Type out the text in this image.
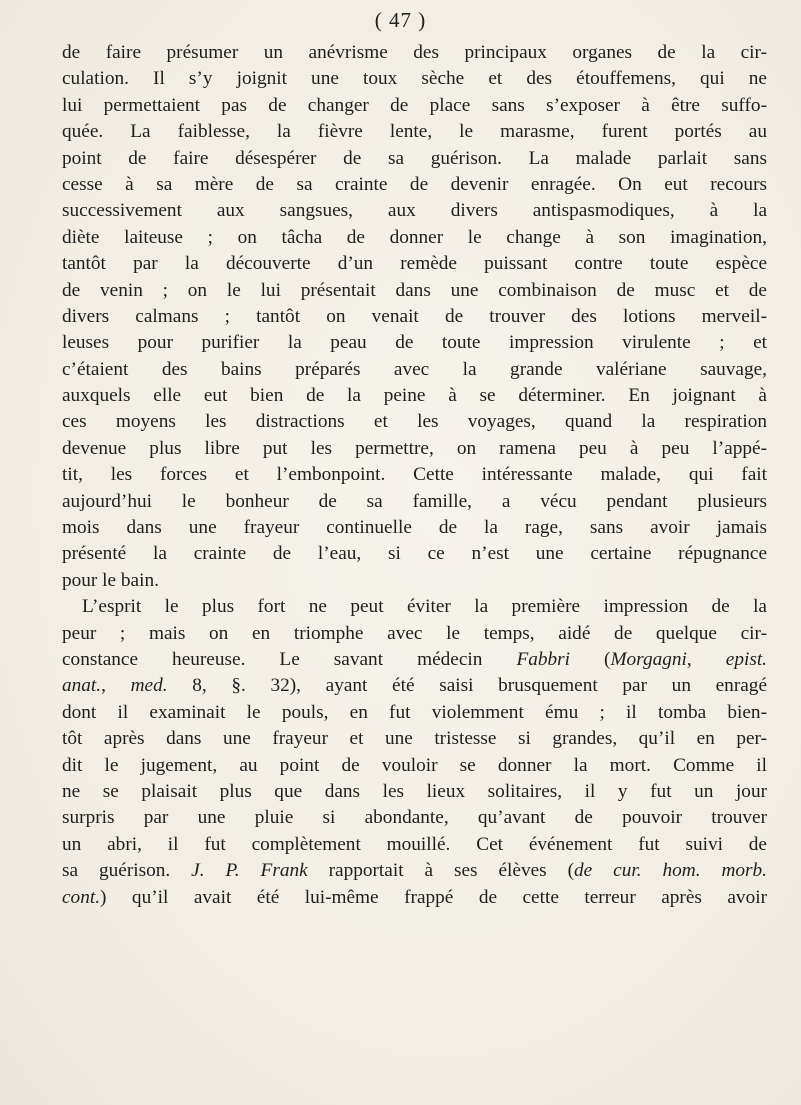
( 47 )
de faire présumer un anévrisme des principaux organes de la cir-
culation. Il s’y joignit une toux sèche et des étouffemens, qui ne
lui permettaient pas de changer de place sans s’exposer à être suffo-
quée. La faiblesse, la fièvre lente, le marasme, furent portés au
point de faire désespérer de sa guérison. La malade parlait sans
cesse à sa mère de sa crainte de devenir enragée. On eut recours
successivement aux sangsues, aux divers antispasmodiques, à la
diète laiteuse ; on tâcha de donner le change à son imagination,
tantôt par la découverte d’un remède puissant contre toute espèce
de venin ; on le lui présentait dans une combinaison de musc et de
divers calmans ; tantôt on venait de trouver des lotions merveil-
leuses pour purifier la peau de toute impression virulente ; et
c’étaient des bains préparés avec la grande valériane sauvage,
auxquels elle eut bien de la peine à se déterminer. En joignant à
ces moyens les distractions et les voyages, quand la respiration
devenue plus libre put les permettre, on ramena peu à peu l’appé-
tit, les forces et l’embonpoint. Cette intéressante malade, qui fait
aujourd’hui le bonheur de sa famille, a vécu pendant plusieurs
mois dans une frayeur continuelle de la rage, sans avoir jamais
présenté la crainte de l’eau, si ce n’est une certaine répugnance
pour le bain.
L’esprit le plus fort ne peut éviter la première impression de la
peur ; mais on en triomphe avec le temps, aidé de quelque cir-
constance heureuse. Le savant médecin Fabbri (Morgagni, epist.
anat., med. 8, §. 32), ayant été saisi brusquement par un enragé
dont il examinait le pouls, en fut violemment ému ; il tomba bien-
tôt après dans une frayeur et une tristesse si grandes, qu’il en per-
dit le jugement, au point de vouloir se donner la mort. Comme il
ne se plaisait plus que dans les lieux solitaires, il y fut un jour
surpris par une pluie si abondante, qu’avant de pouvoir trouver
un abri, il fut complètement mouillé. Cet événement fut suivi de
sa guérison. J. P. Frank rapportait à ses élèves (de cur. hom. morb.
cont.) qu’il avait été lui-même frappé de cette terreur après avoir
